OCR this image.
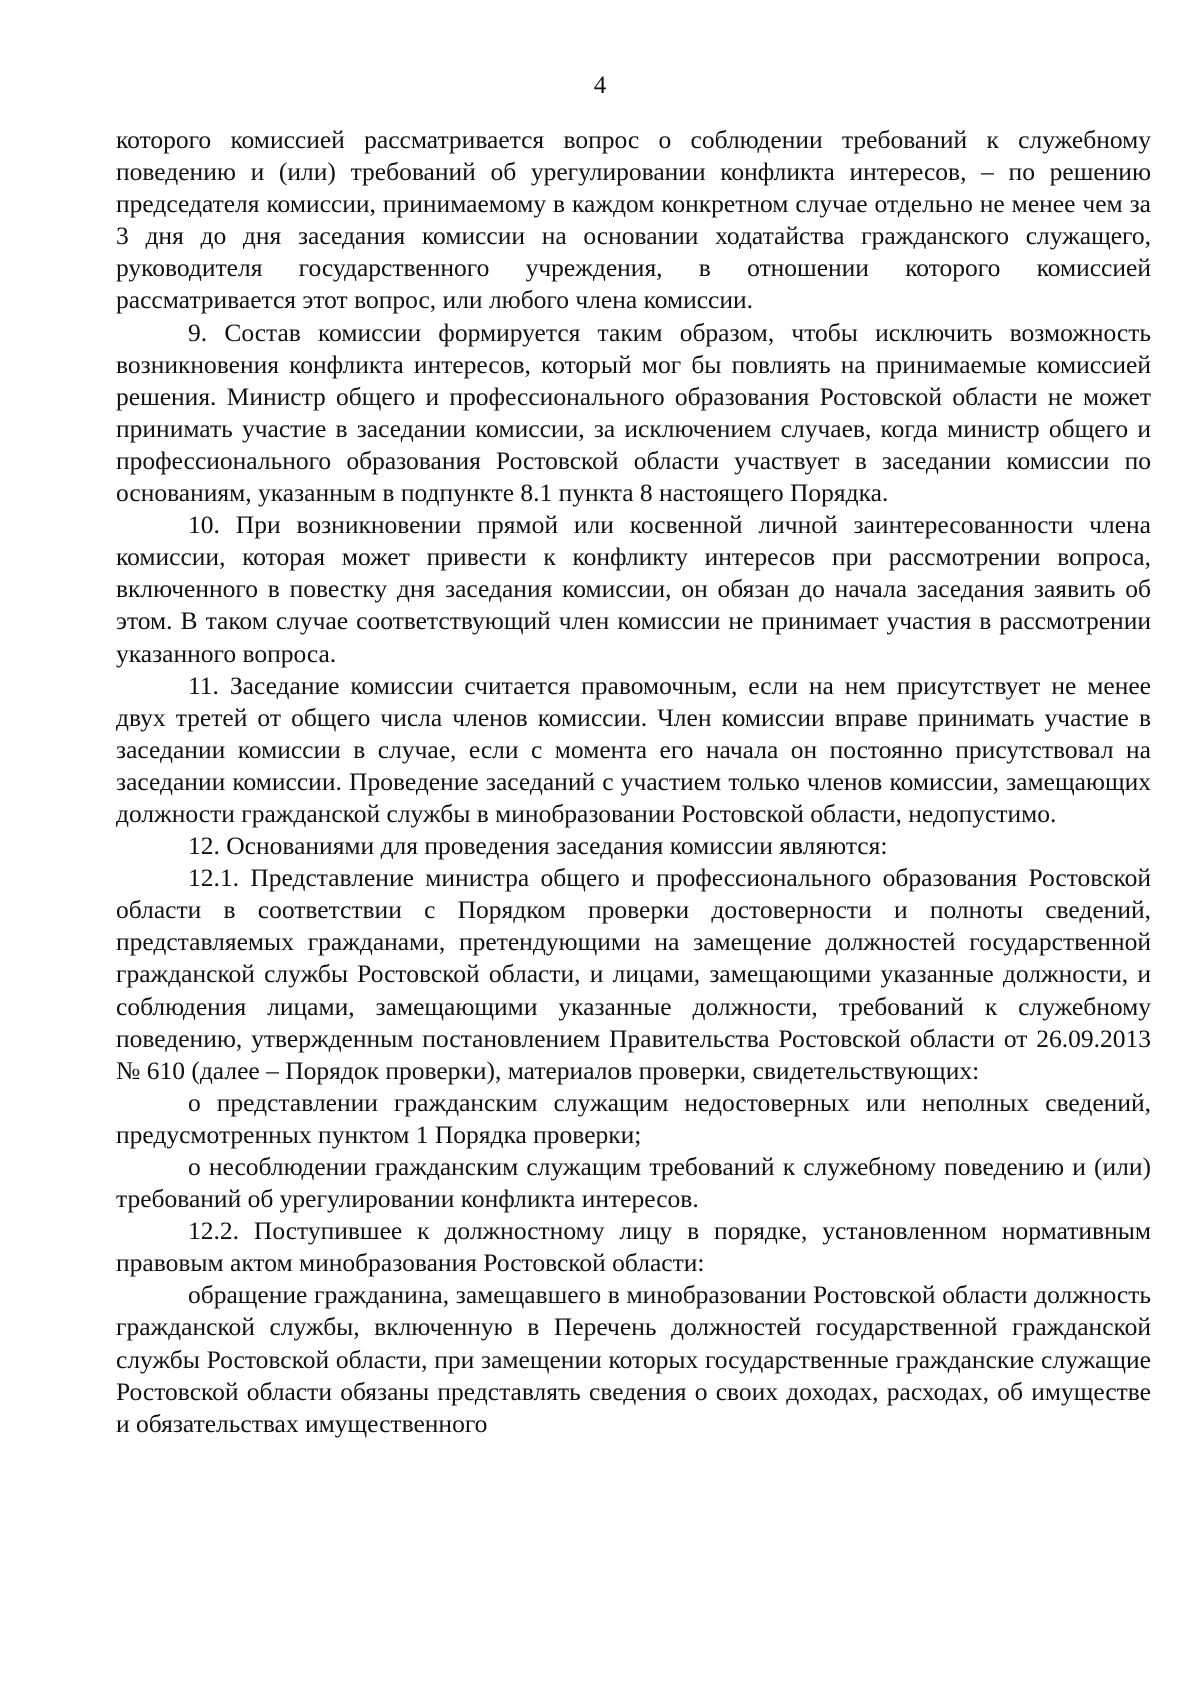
4

которого комиссией рассматривается вопрос о соблюдении требований к служебному поведению и (или) требований об урегулировании конфликта интересов, – по решению председателя комиссии, принимаемому в каждом конкретном случае отдельно не менее чем за 3 дня до дня заседания комиссии на основании ходатайства гражданского служащего, руководителя государственного учреждения, в отношении которого комиссией рассматривается этот вопрос, или любого члена комиссии.

9. Состав комиссии формируется таким образом, чтобы исключить возможность возникновения конфликта интересов, который мог бы повлиять на принимаемые комиссией решения. Министр общего и профессионального образования Ростовской области не может принимать участие в заседании комиссии, за исключением случаев, когда министр общего и профессионального образования Ростовской области участвует в заседании комиссии по основаниям, указанным в подпункте 8.1 пункта 8 настоящего Порядка.

10. При возникновении прямой или косвенной личной заинтересованности члена комиссии, которая может привести к конфликту интересов при рассмотрении вопроса, включенного в повестку дня заседания комиссии, он обязан до начала заседания заявить об этом. В таком случае соответствующий член комиссии не принимает участия в рассмотрении указанного вопроса.

11. Заседание комиссии считается правомочным, если на нем присутствует не менее двух третей от общего числа членов комиссии. Член комиссии вправе принимать участие в заседании комиссии в случае, если с момента его начала он постоянно присутствовал на заседании комиссии. Проведение заседаний с участием только членов комиссии, замещающих должности гражданской службы в минобразовании Ростовской области, недопустимо.

12. Основаниями для проведения заседания комиссии являются:

12.1. Представление министра общего и профессионального образования Ростовской области в соответствии с Порядком проверки достоверности и полноты сведений, представляемых гражданами, претендующими на замещение должностей государственной гражданской службы Ростовской области, и лицами, замещающими указанные должности, и соблюдения лицами, замещающими указанные должности, требований к служебному поведению, утвержденным постановлением Правительства Ростовской области от 26.09.2013 № 610 (далее – Порядок проверки), материалов проверки, свидетельствующих:

о представлении гражданским служащим недостоверных или неполных сведений, предусмотренных пунктом 1 Порядка проверки;

о несоблюдении гражданским служащим требований к служебному поведению и (или) требований об урегулировании конфликта интересов.

12.2. Поступившее к должностному лицу в порядке, установленном нормативным правовым актом минобразования Ростовской области:

обращение гражданина, замещавшего в минобразовании Ростовской области должность гражданской службы, включенную в Перечень должностей государственной гражданской службы Ростовской области, при замещении которых государственные гражданские служащие Ростовской области обязаны представлять сведения о своих доходах, расходах, об имуществе и обязательствах имущественного
